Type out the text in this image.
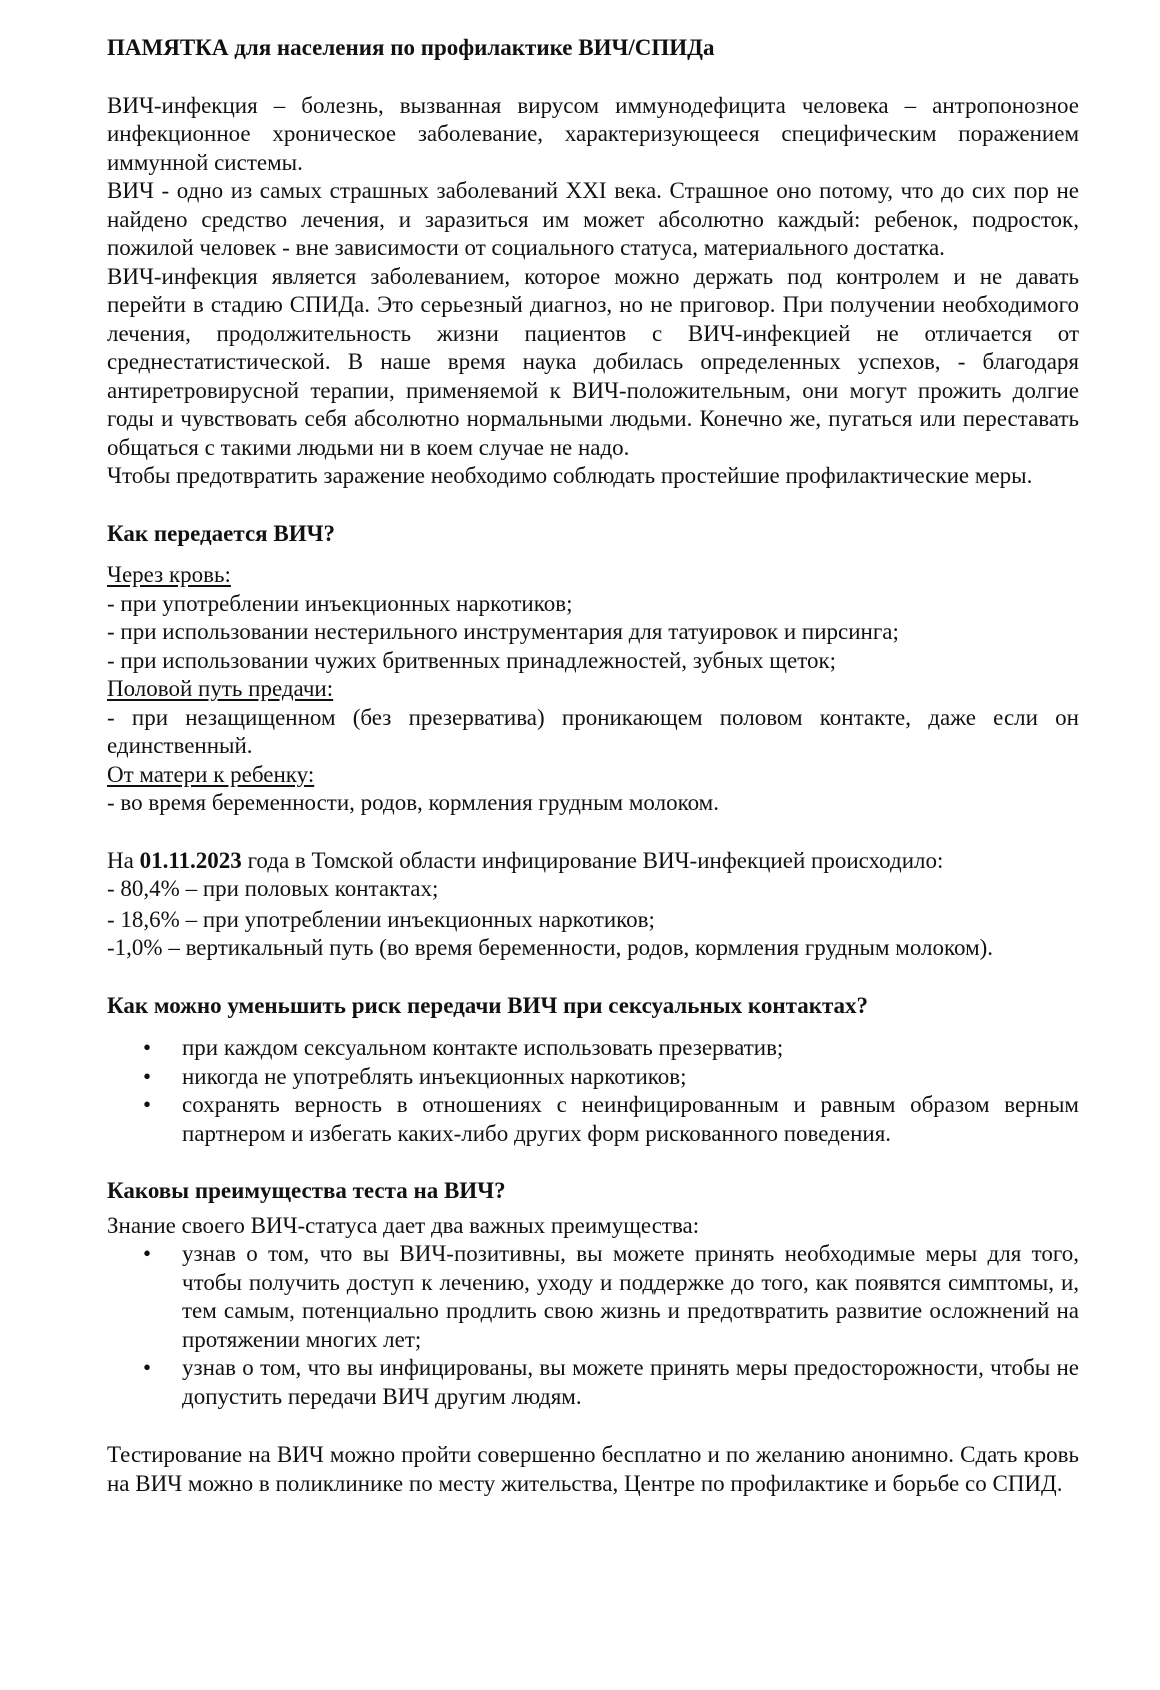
ПАМЯТКА для населения по профилактике ВИЧ/СПИДа

ВИЧ-инфекция – болезнь, вызванная вирусом иммунодефицита человека – антропонозное инфекционное хроническое заболевание, характеризующееся специфическим поражением иммунной системы.

ВИЧ - одно из самых страшных заболеваний XXI века. Страшное оно потому, что до сих пор не найдено средство лечения, и заразиться им может абсолютно каждый: ребенок, подросток, пожилой человек - вне зависимости от социального статуса, материального достатка.

ВИЧ-инфекция является заболеванием, которое можно держать под контролем и не давать перейти в стадию СПИДа. Это серьезный диагноз, но не приговор. При получении необходимого лечения, продолжительность жизни пациентов с ВИЧ-инфекцией не отличается от среднестатистической. В наше время наука добилась определенных успехов, - благодаря антиретровирусной терапии, применяемой к ВИЧ-положительным, они могут прожить долгие годы и чувствовать себя абсолютно нормальными людьми. Конечно же, пугаться или переставать общаться с такими людьми ни в коем случае не надо.

Чтобы предотвратить заражение необходимо соблюдать простейшие профилактические меры.

Как передается ВИЧ?

Через кровь:

- при употреблении инъекционных наркотиков;

- при использовании нестерильного инструментария для татуировок и пирсинга;

- при использовании чужих бритвенных принадлежностей, зубных щеток;

Половой путь предачи:

- при незащищенном (без презерватива) проникающем половом контакте, даже если он единственный.

От матери к ребенку:

- во время беременности, родов, кормления грудным молоком.

На 01.11.2023 года в Томской области инфицирование ВИЧ-инфекцией происходило:

- 80,4% – при половых контактах;

- 18,6% – при употреблении инъекционных наркотиков;

-1,0% – вертикальный путь (во время беременности, родов, кормления грудным молоком).

Как можно уменьшить риск передачи ВИЧ при сексуальных контактах?

• при каждом сексуальном контакте использовать презерватив;
• никогда не употреблять инъекционных наркотиков;
• сохранять верность в отношениях с неинфицированным и равным образом верным партнером и избегать каких-либо других форм рискованного поведения.

Каковы преимущества теста на ВИЧ?

Знание своего ВИЧ-статуса дает два важных преимущества:

• узнав о том, что вы ВИЧ-позитивны, вы можете принять необходимые меры для того, чтобы получить доступ к лечению, уходу и поддержке до того, как появятся симптомы, и, тем самым, потенциально продлить свою жизнь и предотвратить развитие осложнений на протяжении многих лет;
• узнав о том, что вы инфицированы, вы можете принять меры предосторожности, чтобы не допустить передачи ВИЧ другим людям.

Тестирование на ВИЧ можно пройти совершенно бесплатно и по желанию анонимно. Сдать кровь на ВИЧ можно в поликлинике по месту жительства, Центре по профилактике и борьбе со СПИД.
